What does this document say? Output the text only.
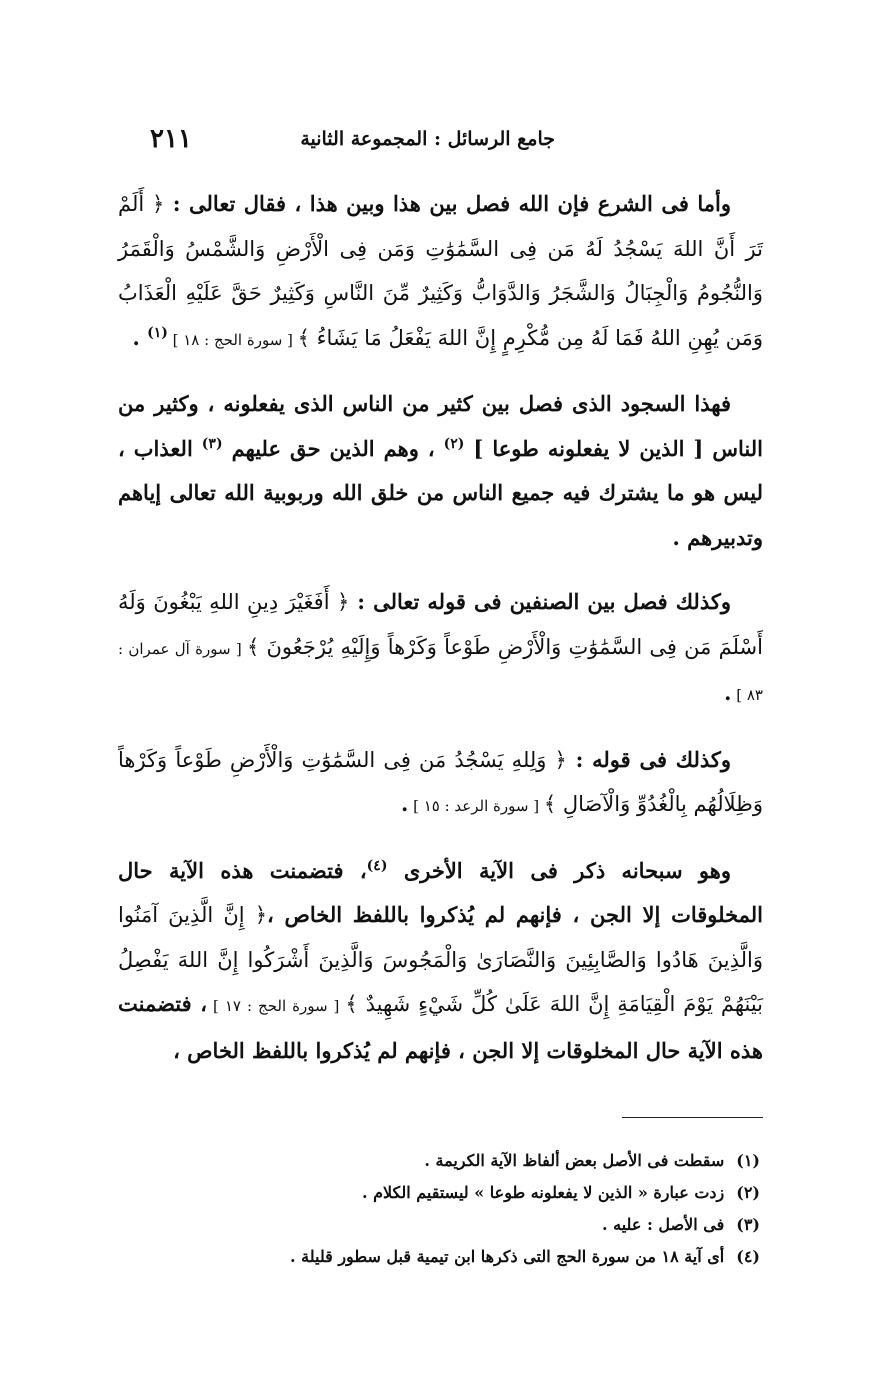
جامع الرسائل : المجموعة الثانية
٢١١

وأما فى الشرع فإن الله فصل بين هذا وبين هذا ، فقال تعالى : ﴿ أَلَمْ تَرَ أَنَّ اللهَ يَسْجُدُ لَهُ مَن فِى السَّمَٰوَٰتِ وَمَن فِى الْأَرْضِ وَالشَّمْسُ وَالْقَمَرُ وَالنُّجُومُ وَالْجِبَالُ وَالشَّجَرُ وَالدَّوَابُّ وَكَثِيرٌ مِّنَ النَّاسِ وَكَثِيرٌ حَقَّ عَلَيْهِ الْعَذَابُ وَمَن يُهِنِ اللهُ فَمَا لَهُ مِن مُّكْرِمٍ إِنَّ اللهَ يَفْعَلُ مَا يَشَاءُ ﴾ [ سورة الحج : ١٨ ] $^{(١)}$ .

فهذا السجود الذى فصل بين كثير من الناس الذى يفعلونه ، وكثير من الناس [ الذين لا يفعلونه طوعا ] $^{(٢)}$ ، وهم الذين حق عليهم $^{(٣)}$ العذاب ، ليس هو ما يشترك فيه جميع الناس من خلق الله وربوبية الله تعالى إياهم وتدبيرهم .

وكذلك فصل بين الصنفين فى قوله تعالى : ﴿ أَفَغَيْرَ دِينِ اللهِ يَبْغُونَ وَلَهُ أَسْلَمَ مَن فِى السَّمَٰوَٰتِ وَالْأَرْضِ طَوْعاً وَكَرْهاً وَإِلَيْهِ يُرْجَعُونَ ﴾ [ سورة آل عمران : ٨٣ ] .

وكذلك فى قوله : ﴿ وَلِلهِ يَسْجُدُ مَن فِى السَّمَٰوَٰتِ وَالْأَرْضِ طَوْعاً وَكَرْهاً وَظِلَالُهُم بِالْغُدُوِّ وَالْآصَالِ ﴾ [ سورة الرعد : ١٥ ] .

وهو سبحانه ذكر فى الآية الأخرى $^{(٤)}$، فتضمنت هذه الآية حال المخلوقات إلا الجن ، فإنهم لم يُذكروا باللفظ الخاص ،﴿ إِنَّ الَّذِينَ آمَنُوا وَالَّذِينَ هَادُوا وَالصَّابِئِينَ وَالنَّصَارَىٰ وَالْمَجُوسَ وَالَّذِينَ أَشْرَكُوا إِنَّ اللهَ يَفْصِلُ بَيْنَهُمْ يَوْمَ الْقِيَامَةِ إِنَّ اللهَ عَلَىٰ كُلِّ شَيْءٍ شَهِيدٌ ﴾ [ سورة الحج : ١٧ ] ، فتضمنت هذه الآية حال المخلوقات إلا الجن ، فإنهم لم يُذكروا باللفظ الخاص ،

(١)سقطت فى الأصل بعض ألفاظ الآية الكريمة .
(٢)زدت عبارة « الذين لا يفعلونه طوعا » ليستقيم الكلام .
(٣)فى الأصل : عليه .
(٤)أى آية ١٨ من سورة الحج التى ذكرها ابن تيمية قبل سطور قليلة .
